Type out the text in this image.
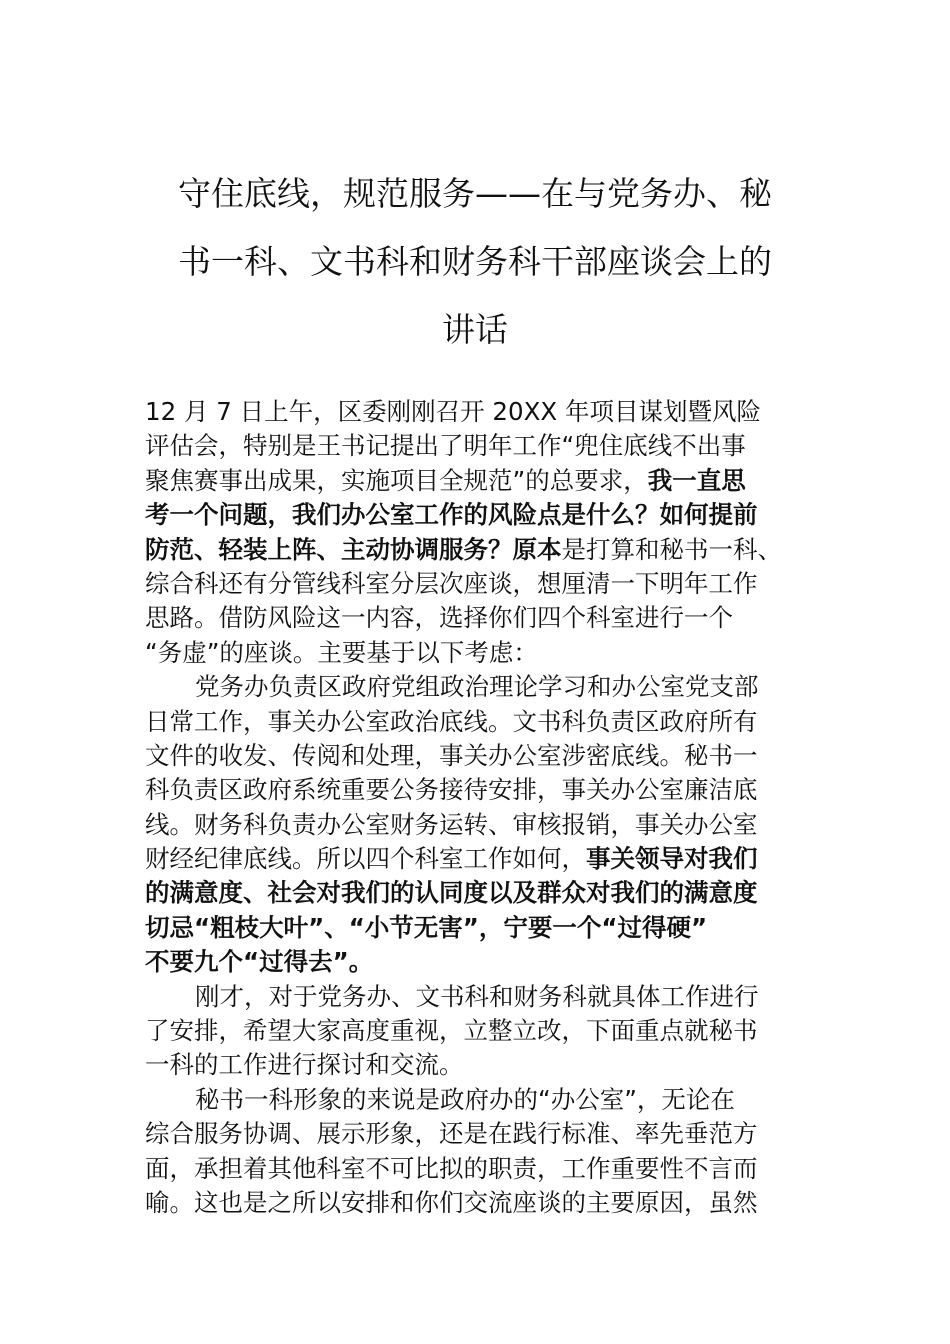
守住底线，规范服务——在与党务办、秘
书一科、文书科和财务科干部座谈会上的
讲话
12 月 7 日上午，区委刚刚召开 20XX 年项目谋划暨风险
评估会，特别是王书记提出了明年工作“兜住底线不出事
聚焦赛事出成果，实施项目全规范”的总要求，我一直思
考一个问题，我们办公室工作的风险点是什么？如何提前
防范、轻装上阵、主动协调服务？原本是打算和秘书一科、
综合科还有分管线科室分层次座谈，想厘清一下明年工作
思路。借防风险这一内容，选择你们四个科室进行一个
“务虚”的座谈。主要基于以下考虑：
党务办负责区政府党组政治理论学习和办公室党支部
日常工作，事关办公室政治底线。文书科负责区政府所有
文件的收发、传阅和处理，事关办公室涉密底线。秘书一
科负责区政府系统重要公务接待安排，事关办公室廉洁底
线。财务科负责办公室财务运转、审核报销，事关办公室
财经纪律底线。所以四个科室工作如何，事关领导对我们
的满意度、社会对我们的认同度以及群众对我们的满意度
切忌“粗枝大叶”、“小节无害”，宁要一个“过得硬”
不要九个“过得去”。
刚才，对于党务办、文书科和财务科就具体工作进行
了安排，希望大家高度重视，立整立改，下面重点就秘书
一科的工作进行探讨和交流。
秘书一科形象的来说是政府办的“办公室”，无论在
综合服务协调、展示形象，还是在践行标准、率先垂范方
面，承担着其他科室不可比拟的职责，工作重要性不言而
喻。这也是之所以安排和你们交流座谈的主要原因，虽然
